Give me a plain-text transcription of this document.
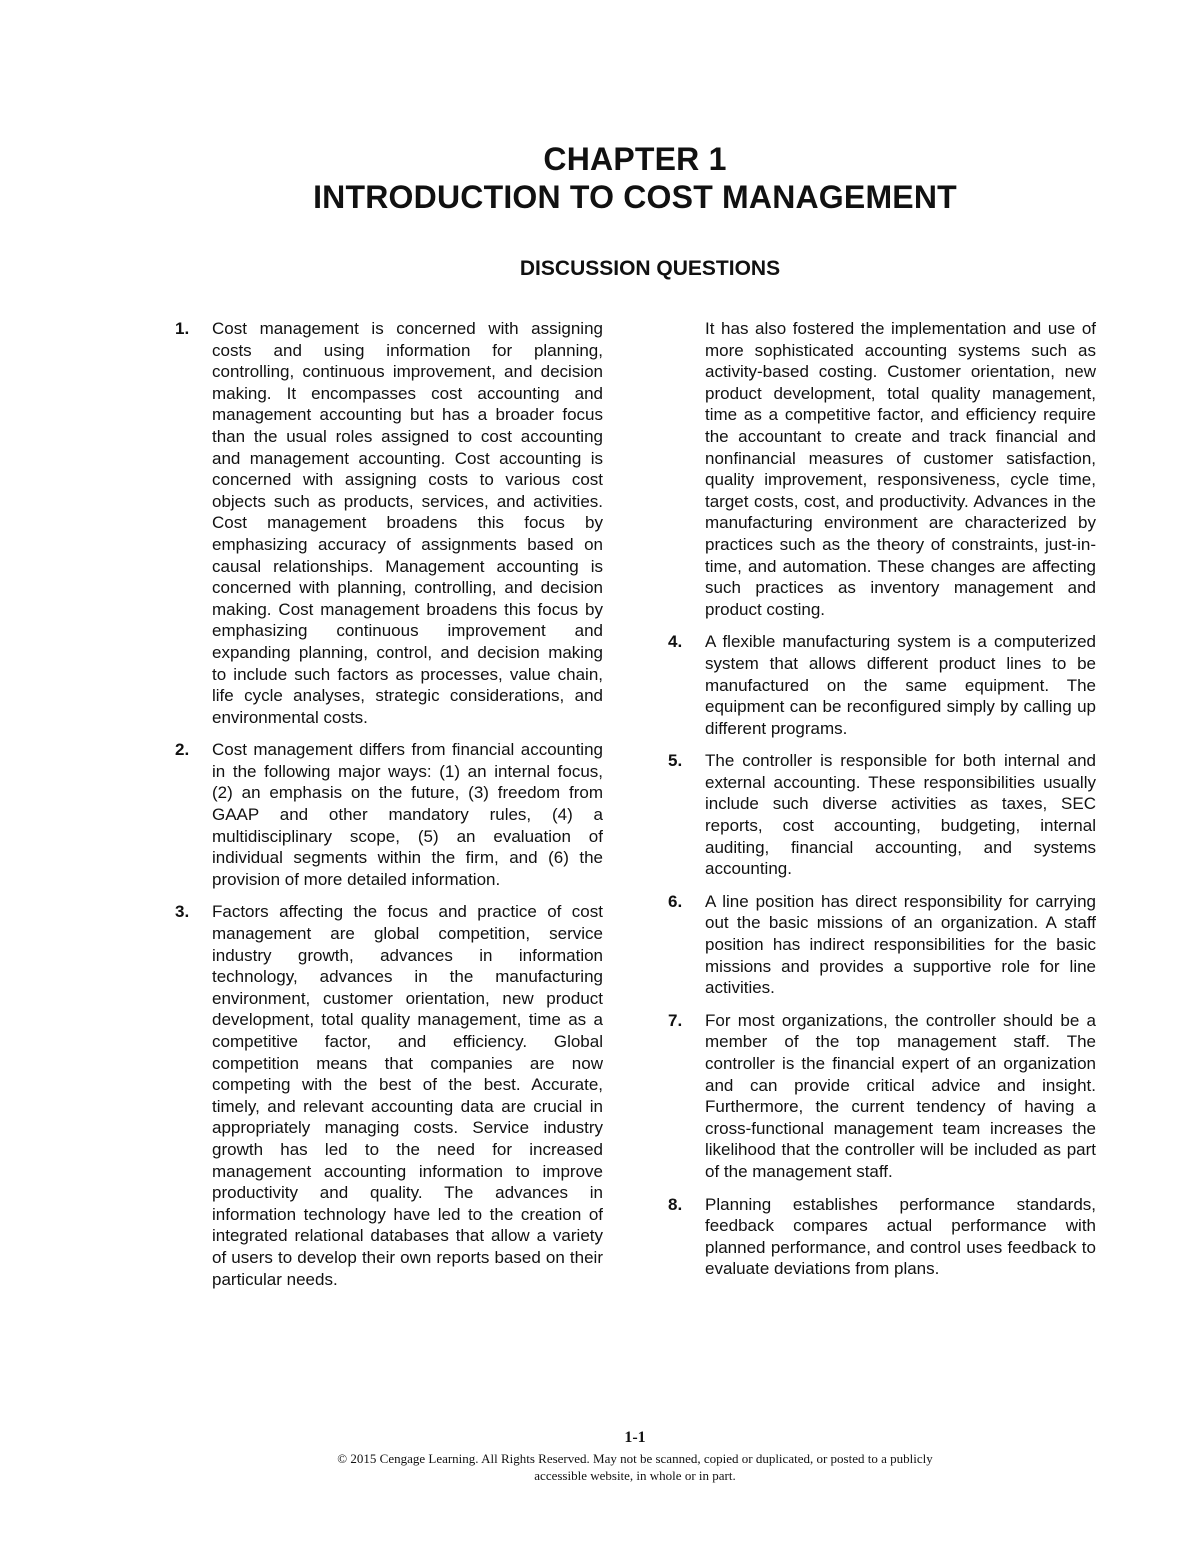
CHAPTER 1
INTRODUCTION TO COST MANAGEMENT
DISCUSSION QUESTIONS
1.	Cost management is concerned with assigning costs and using information for planning, controlling, continuous improvement, and decision making. It encompasses cost accounting and management accounting but has a broader focus than the usual roles assigned to cost accounting and management accounting. Cost accounting is concerned with assigning costs to various cost objects such as products, services, and activities. Cost management broadens this focus by emphasizing accuracy of assignments based on causal relationships. Management accounting is concerned with planning, controlling, and decision making. Cost management broadens this focus by emphasizing continuous improvement and expanding planning, control, and decision making to include such factors as processes, value chain, life cycle analyses, strategic considerations, and environmental costs.
2.	Cost management differs from financial accounting in the following major ways: (1) an internal focus, (2) an emphasis on the future, (3) freedom from GAAP and other mandatory rules, (4) a multidisciplinary scope, (5) an evaluation of individual segments within the firm, and (6) the provision of more detailed information.
3.	Factors affecting the focus and practice of cost management are global competition, service industry growth, advances in information technology, advances in the manufacturing environment, customer orientation, new product development, total quality management, time as a competitive factor, and efficiency. Global competition means that companies are now competing with the best of the best. Accurate, timely, and relevant accounting data are crucial in appropriately managing costs. Service industry growth has led to the need for increased management accounting information to improve productivity and quality. The advances in information technology have led to the creation of integrated relational databases that allow a variety of users to develop their own reports based on their particular needs.
It has also fostered the implementation and use of more sophisticated accounting systems such as activity-based costing. Customer orientation, new product development, total quality management, time as a competitive factor, and efficiency require the accountant to create and track financial and nonfinancial measures of customer satisfaction, quality improvement, responsiveness, cycle time, target costs, cost, and productivity. Advances in the manufacturing environment are characterized by practices such as the theory of constraints, just-in-time, and automation. These changes are affecting such practices as inventory management and product costing.
4.	A flexible manufacturing system is a computerized system that allows different product lines to be manufactured on the same equipment. The equipment can be reconfigured simply by calling up different programs.
5.	The controller is responsible for both internal and external accounting. These responsibilities usually include such diverse activities as taxes, SEC reports, cost accounting, budgeting, internal auditing, financial accounting, and systems accounting.
6.	A line position has direct responsibility for carrying out the basic missions of an organization. A staff position has indirect responsibilities for the basic missions and provides a supportive role for line activities.
7.	For most organizations, the controller should be a member of the top management staff. The controller is the financial expert of an organization and can provide critical advice and insight. Furthermore, the current tendency of having a cross-functional management team increases the likelihood that the controller will be included as part of the management staff.
8.	Planning establishes performance standards, feedback compares actual performance with planned performance, and control uses feedback to evaluate deviations from plans.
1-1
© 2015 Cengage Learning. All Rights Reserved. May not be scanned, copied or duplicated, or posted to a publicly
accessible website, in whole or in part.
